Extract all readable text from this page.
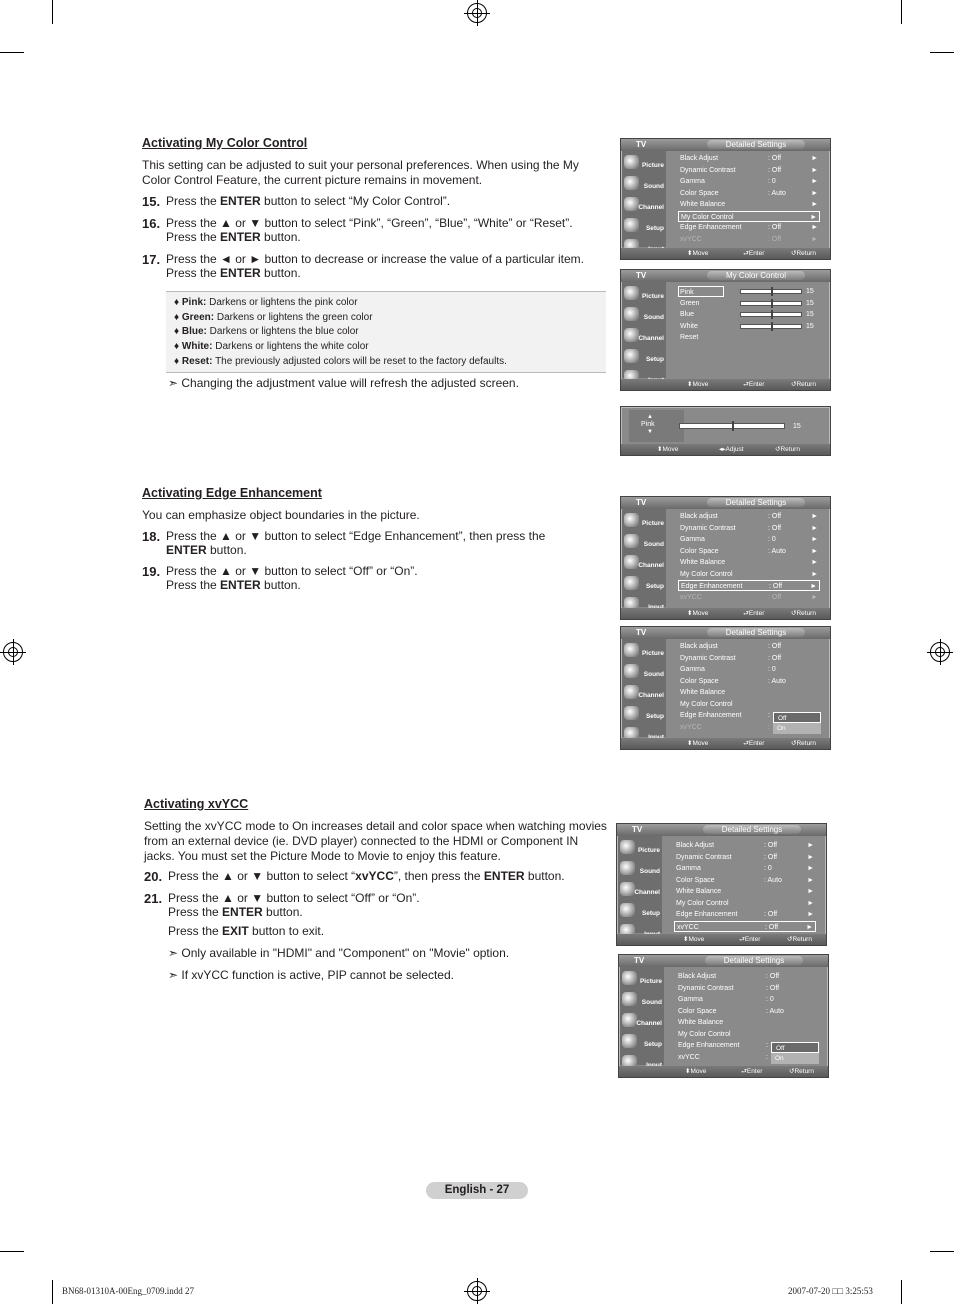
Activating My Color Control
This setting can be adjusted to suit your personal preferences. When using the My Color Control Feature, the current picture remains in movement.
15. Press the ENTER button to select “My Color Control”.
16. Press the ▲ or ▼ button to select “Pink”, “Green”, “Blue”, “White” or “Reset”.
Press the ENTER button.
17. Press the ◄ or ► button to decrease or increase the value of a particular item.
Press the ENTER button.
♦ Pink: Darkens or lightens the pink color
♦ Green: Darkens or lightens the green color
♦ Blue: Darkens or lightens the blue color
♦ White: Darkens or lightens the white color
♦ Reset: The previously adjusted colors will be reset to the factory defaults.
➣ Changing the adjustment value will refresh the adjusted screen.
TV	Detailed Settings
Picture
Sound
Channel
Setup
Black Adjust	: Off	►
Dynamic Contrast	: Off	►
Gamma	: 0	►
Color Space	: Auto	►
White Balance	►
My Color Control	►
Edge Enhancement	: Off	►
xvYCC	: Off	►
⬍ Move	⮐ Enter	↺ Return
TV	My Color Control
Picture
Sound
Channel
Setup
Pink	15
Green	15
Blue	15
White	15
Reset
⬍ Move	⮐ Enter	↺ Return
▲
Pink
▼
15
⬍ Move	◂▸ Adjust	↺ Return
Activating Edge Enhancement
You can emphasize object boundaries in the picture.
18. Press the ▲ or ▼ button to select “Edge Enhancement”, then press the
ENTER button.
19. Press the ▲ or ▼ button to select “Off” or “On”.
Press the ENTER button.
TV	Detailed Settings
Picture
Sound
Channel
Setup
Black adjust	: Off	►
Dynamic Contrast	: Off	►
Gamma	: 0	►
Color Space	: Auto	►
White Balance	►
My Color Control	►
Edge Enhancement	: Off	►
xvYCC	: Off	►
⬍ Move	⮐ Enter	↺ Return
TV	Detailed Settings
Picture
Sound
Channel
Setup
Black adjust	: Off
Dynamic Contrast	: Off
Gamma	: 0
Color Space	: Auto
White Balance
My Color Control
Edge Enhancement	:
xvYCC	:
Off
On
⬍ Move	⮐ Enter	↺ Return
Activating xvYCC
Setting the xvYCC mode to On increases detail and color space when watching movies from an external device (ie. DVD player) connected to the HDMI or Component IN jacks. You must set the Picture Mode to Movie to enjoy this feature.
20. Press the ▲ or ▼ button to select “xvYCC”, then press the ENTER button.
21. Press the ▲ or ▼ button to select “Off” or “On”.
Press the ENTER button.
Press the EXIT button to exit.
➣ Only available in "HDMI" and "Component" on "Movie" option.
➣ If xvYCC function is active, PIP cannot be selected.
TV	Detailed Settings
Picture
Sound
Channel
Setup
Black Adjust	: Off	►
Dynamic Contrast	: Off	►
Gamma	: 0	►
Color Space	: Auto	►
White Balance	►
My Color Control	►
Edge Enhancement	: Off	►
xvYCC	: Off	►
⬍ Move	⮐ Enter	↺ Return
TV	Detailed Settings
Picture
Sound
Channel
Setup
Black Adjust	: Off
Dynamic Contrast	: Off
Gamma	: 0
Color Space	: Auto
White Balance
My Color Control
Edge Enhancement	:
xvYCC	:
Off
On
⬍ Move	⮐ Enter	↺ Return
English - 27
BN68-01310A-00Eng_0709.indd 27	2007-07-20 □□ 3:25:53
